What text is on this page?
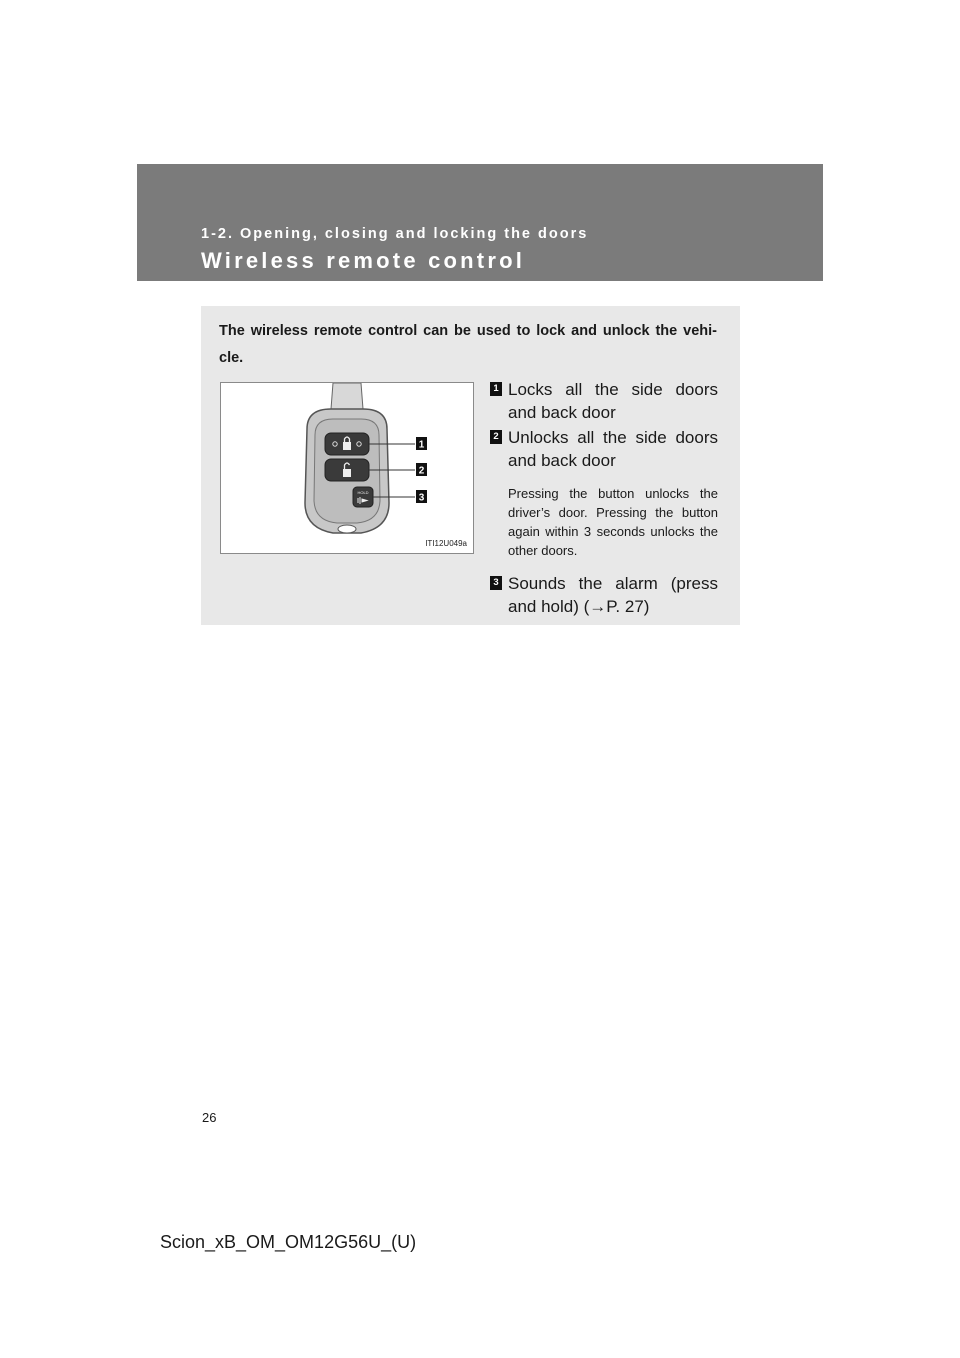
1-2. Opening, closing and locking the doors
Wireless remote control
The wireless remote control can be used to lock and unlock the vehi-cle.
HOLD
1
2
3
ITI12U049a
1 Locks all the side doors and back door
2 Unlocks all the side doors and back door
Pressing the button unlocks the driver’s door. Pressing the button again within 3 seconds unlocks the other doors.
3 Sounds the alarm (press and hold) (→P. 27)
26
Scion_xB_OM_OM12G56U_(U)
